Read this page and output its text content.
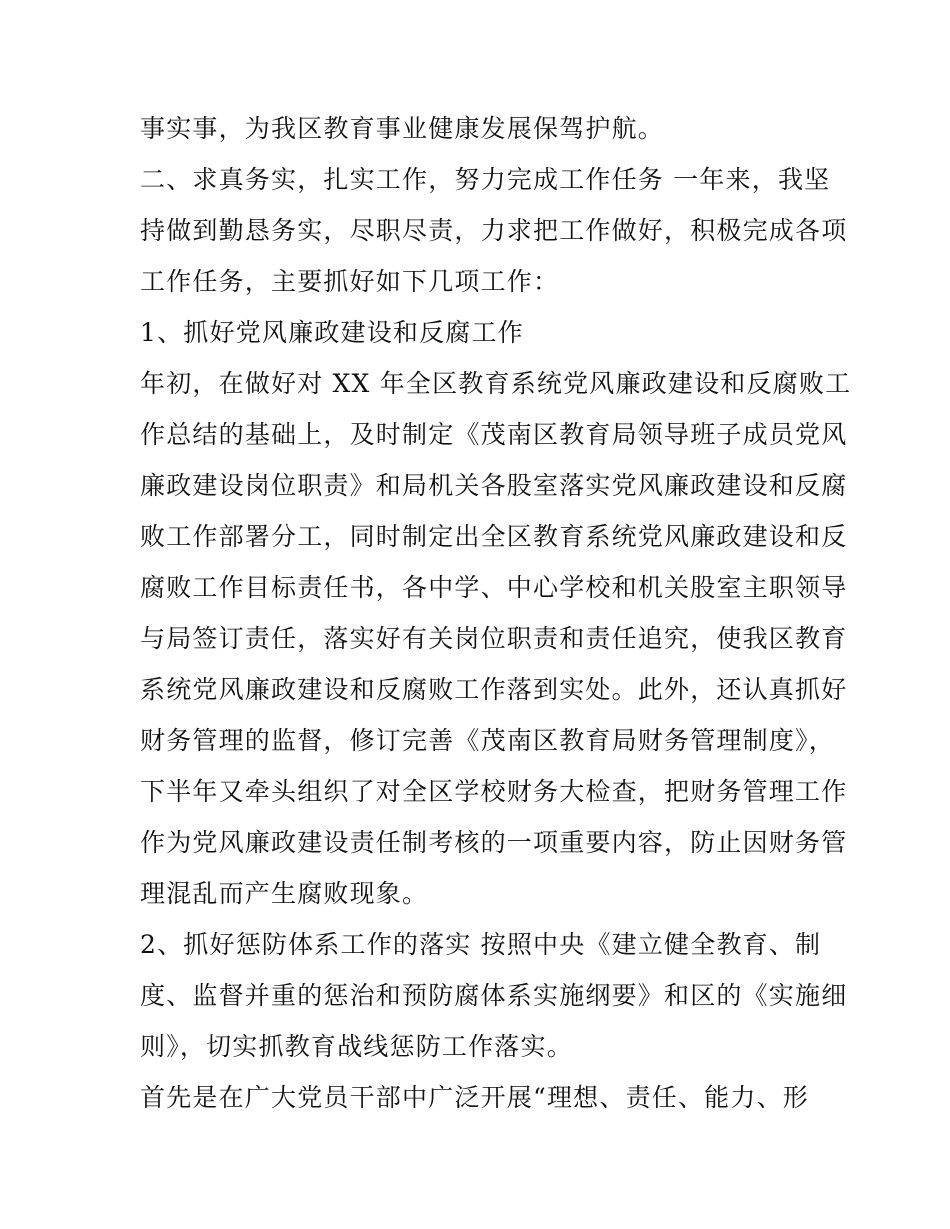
事实事，为我区教育事业健康发展保驾护航。
二、求真务实，扎实工作，努力完成工作任务 一年来，我坚
持做到勤恳务实，尽职尽责，力求把工作做好，积极完成各项
工作任务，主要抓好如下几项工作：
1、抓好党风廉政建设和反腐工作
年初，在做好对 XX 年全区教育系统党风廉政建设和反腐败工
作总结的基础上，及时制定《茂南区教育局领导班子成员党风
廉政建设岗位职责》和局机关各股室落实党风廉政建设和反腐
败工作部署分工，同时制定出全区教育系统党风廉政建设和反
腐败工作目标责任书，各中学、中心学校和机关股室主职领导
与局签订责任，落实好有关岗位职责和责任追究，使我区教育
系统党风廉政建设和反腐败工作落到实处。此外，还认真抓好
财务管理的监督，修订完善《茂南区教育局财务管理制度》，
下半年又牵头组织了对全区学校财务大检查，把财务管理工作
作为党风廉政建设责任制考核的一项重要内容，防止因财务管
理混乱而产生腐败现象。
2、抓好惩防体系工作的落实 按照中央《建立健全教育、制
度、监督并重的惩治和预防腐体系实施纲要》和区的《实施细
则》，切实抓教育战线惩防工作落实。
首先是在广大党员干部中广泛开展“理想、责任、能力、形
